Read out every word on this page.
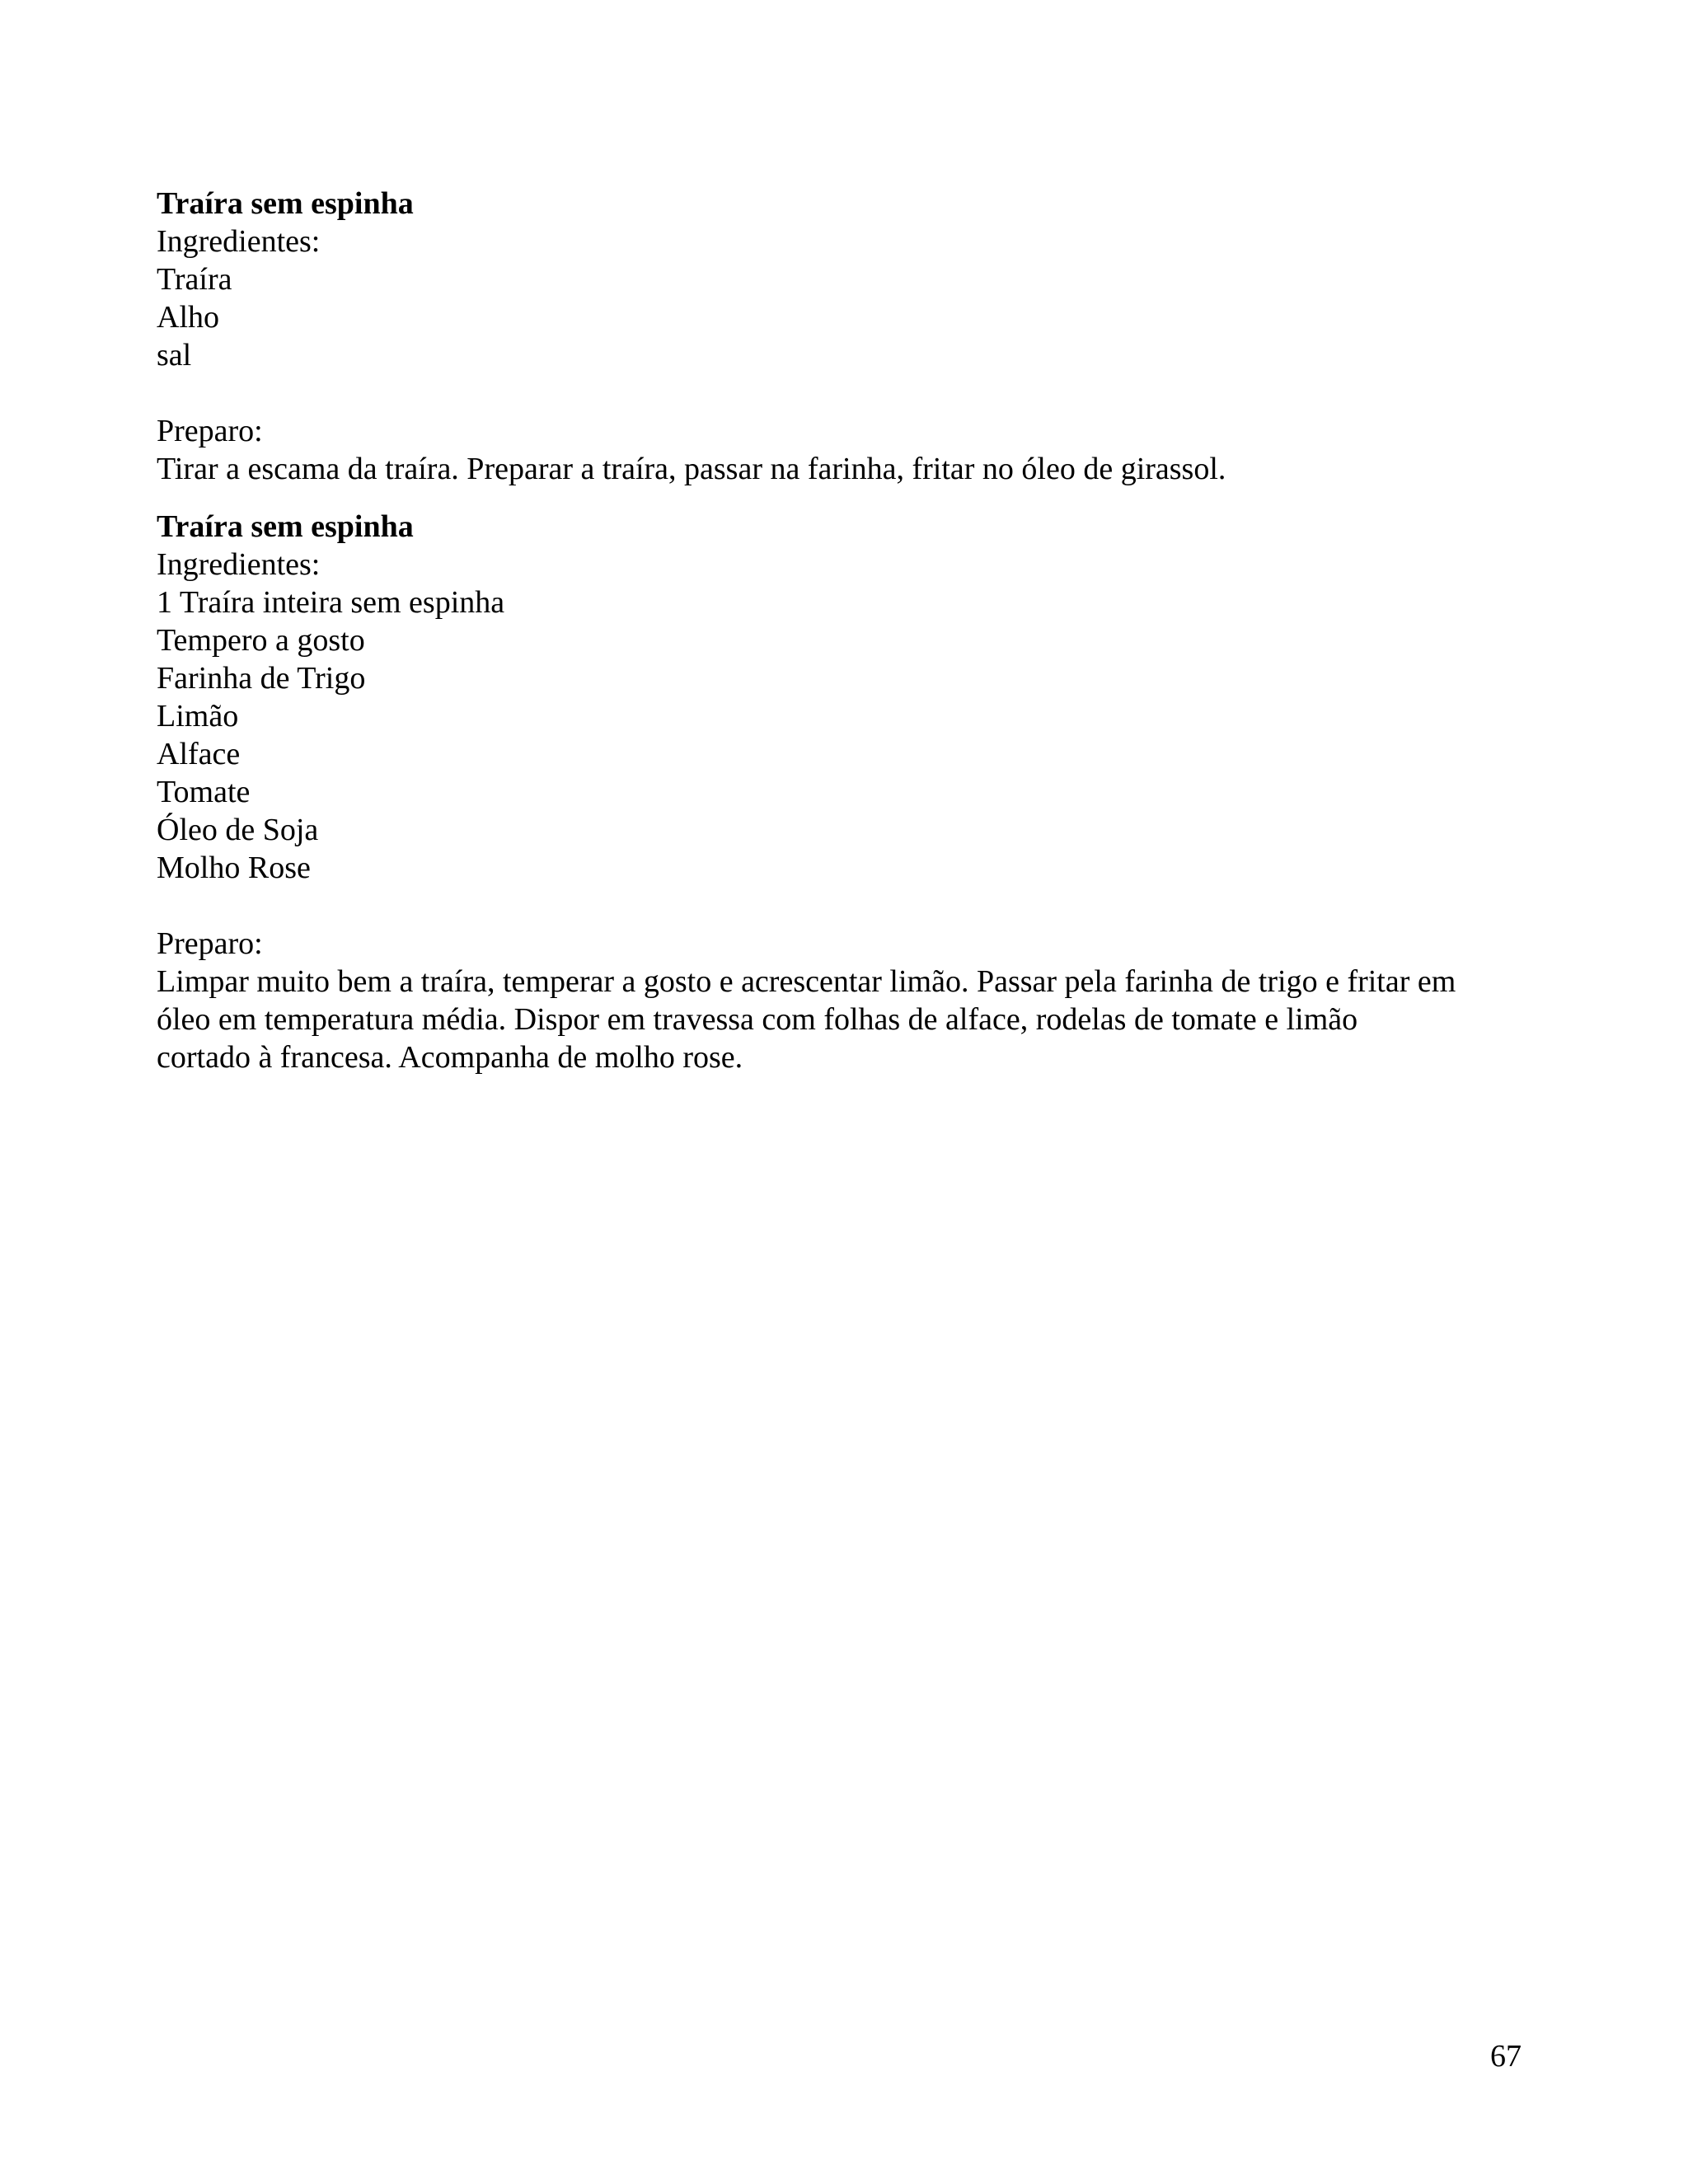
Traíra sem espinha

Ingredientes:

Traíra

Alho

sal

Preparo:

Tirar a escama da traíra. Preparar a traíra, passar na farinha, fritar no óleo de girassol.

Traíra sem espinha

Ingredientes:

1 Traíra inteira sem espinha

Tempero a gosto

Farinha de Trigo

Limão

Alface

Tomate

Óleo de Soja

Molho Rose

Preparo:

Limpar muito bem a traíra, temperar a gosto e acrescentar limão. Passar pela farinha de trigo e fritar em
óleo em temperatura média. Dispor em travessa com folhas de alface, rodelas de tomate e limão
cortado à francesa. Acompanha de molho rose.

67
